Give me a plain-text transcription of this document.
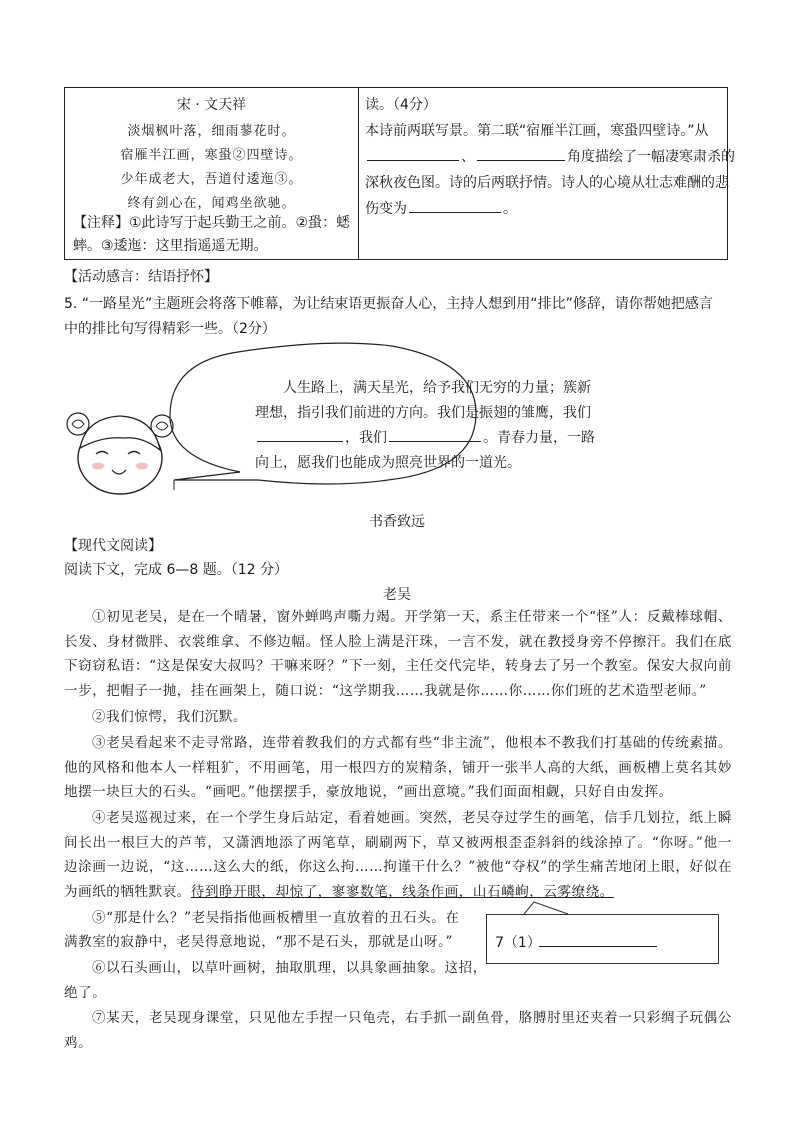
宋 · 文天祥
淡烟枫叶落，细雨蓼花时。
宿雁半江画，寒蛩②四壁诗。
少年成老大，吾道付逶迤③。
终有剑心在，闻鸡坐欲驰。
【注释】①此诗写于起兵勤王之前。②蛩：蟋
蟀。③逶迤：这里指遥遥无期。
读。（4分）
本诗前两联写景。第二联“宿雁半江画，寒蛩四壁诗。”从
、	角度描绘了一幅凄寒肃杀的
深秋夜色图。诗的后两联抒情。诗人的心境从壮志难酬的悲
伤变为	。
【活动感言：结语抒怀】
5. “一路星光”主题班会将落下帷幕，为让结束语更振奋人心，主持人想到用“排比”修辞，请你帮她把感言
中的排比句写得精彩一些。（2分）
人生路上，满天星光，给予我们无穷的力量；簇新
理想，指引我们前进的方向。我们是振翅的雏鹰，我们
，我们	。青春力量，一路
向上，愿我们也能成为照亮世界的一道光。
书香致远
【现代文阅读】
阅读下文，完成 6—8 题。（12 分）
老吴
①初见老吴，是在一个晴暑，窗外蝉鸣声嘶力竭。开学第一天，系主任带来一个“怪”人：反戴棒球帽、长发、身材微胖、衣裳维拿、不修边幅。怪人脸上满是汗珠，一言不发，就在教授身旁不停擦汗。我们在底下窃窃私语：“这是保安大叔吗？干嘛来呀？”下一刻，主任交代完毕，转身去了另一个教室。保安大叔向前一步，把帽子一抛，挂在画架上，随口说：“这学期我……我就是你……你……你们班的艺术造型老师。”
②我们惊愕，我们沉默。
③老吴看起来不走寻常路，连带着教我们的方式都有些“非主流”，他根本不教我们打基础的传统素描。他的风格和他本人一样粗犷，不用画笔，用一根四方的炭精条，铺开一张半人高的大纸，画板槽上莫名其妙地摆一块巨大的石头。“画吧。”他摆摆手，豪放地说，“画出意境。”我们面面相觑，只好自由发挥。
④老吴巡视过来，在一个学生身后站定，看着她画。突然，老吴夺过学生的画笔，信手几划拉，纸上瞬间长出一根巨大的芦苇，又潇洒地添了两笔草，刷刷两下，草又被两根歪歪斜斜的线涂掉了。“你呀。”他一边涂画一边说，“这……这么大的纸，你这么拘……拘谨干什么？”被他“夺权”的学生痛苦地闭上眼，好似在为画纸的牺牲默哀。待到睁开眼，却惊了，寥寥数笔，线条作画，山石嶙峋，云雾缭绕。
7（1）
⑤“那是什么？”老吴指指他画板槽里一直放着的丑石头。在
满教室的寂静中，老吴得意地说，“那不是石头，那就是山呀。”
⑥以石头画山，以草叶画树，抽取肌理，以具象画抽象。这招，
绝了。
⑦某天，老吴现身课堂，只见他左手捏一只龟壳，右手抓一副鱼骨，胳膊肘里还夹着一只彩绸子玩偶公鸡。
